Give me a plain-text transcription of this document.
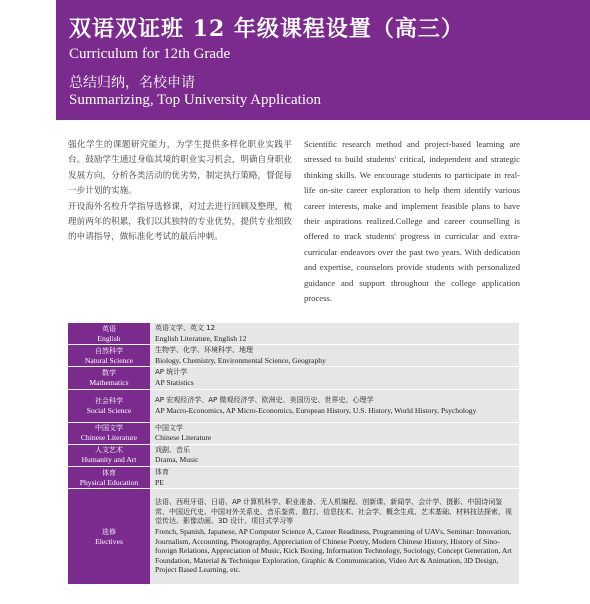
双语双证班 12 年级课程设置（高三）
Curriculum for 12th Grade
总结归纳，名校申请
Summarizing, Top University Application

强化学生的课题研究能力，为学生提供多样化职业实践平台。鼓励学生通过身临其境的职业实习机会，明确自身职业发展方向，分析各类活动的优劣势，制定执行策略，督促每一步计划的实施。

开设海外名校升学指导选修课，对过去进行回顾及整理，梳理前两年的积累，我们以其独特的专业优势，提供专业细致的申请指导，做标准化考试的最后冲刺。

Scientific research method and project-based learning are stressed to build students' critical, independent and strategic thinking skills. We encourage students to participate in real-life on-site career exploration to help them identify various career interests, make and implement feasible plans to have their aspirations realized.College and career counselling is offered to track students' progress in curricular and extra-curricular endeavors over the past two years. With dedication and expertise, counselors provide students with personalized guidance and support throughout the college application process.
英语
English	英语文学、英文 12
English Literature, English 12

自然科学
Natural Science	生物学、化学、环境科学、地理
Biology, Chemistry, Environmental Science, Geography

数学
Mathematics	AP 统计学
AP Statistics

社会科学
Social Science	AP 宏观经济学、AP 微观经济学、欧洲史、美国历史、世界史、心理学
AP Macro-Economics, AP Micro-Economics, European History, U.S. History, World History, Psychology

中国文学
Chinese Literature	中国文学
Chinese Literature

人文艺术
Humanity and Art	戏剧、音乐
Drama, Music

体育
Physical Education	体育
PE

选修
Electives	法语、西班牙语、日语、AP 计算机科学、职业准备、无人机编程、创新课、新闻学、会计学、摄影、中国诗词鉴赏、中国近代史、中国对外关系史、音乐鉴赏、散打、信息技术、社会学、概念生成、艺术基础、材料技法探索、视觉传达、影像动画、3D 设计、项目式学习等
French, Spanish, Japanese, AP Computer Science A, Career Readiness, Programming of UAVs, Seminar: Innovation, Journalism, Accounting, Photography, Appreciation of Chinese Poetry, Modern Chinese History, History of Sino-foreign Relations, Appreciation of Music, Kick Boxing, Information Technology, Sociology, Concept Generation, Art Foundation, Material & Technique Exploration, Graphic & Communication, Video Art & Animation, 3D Design, Project Based Learning, etc.
